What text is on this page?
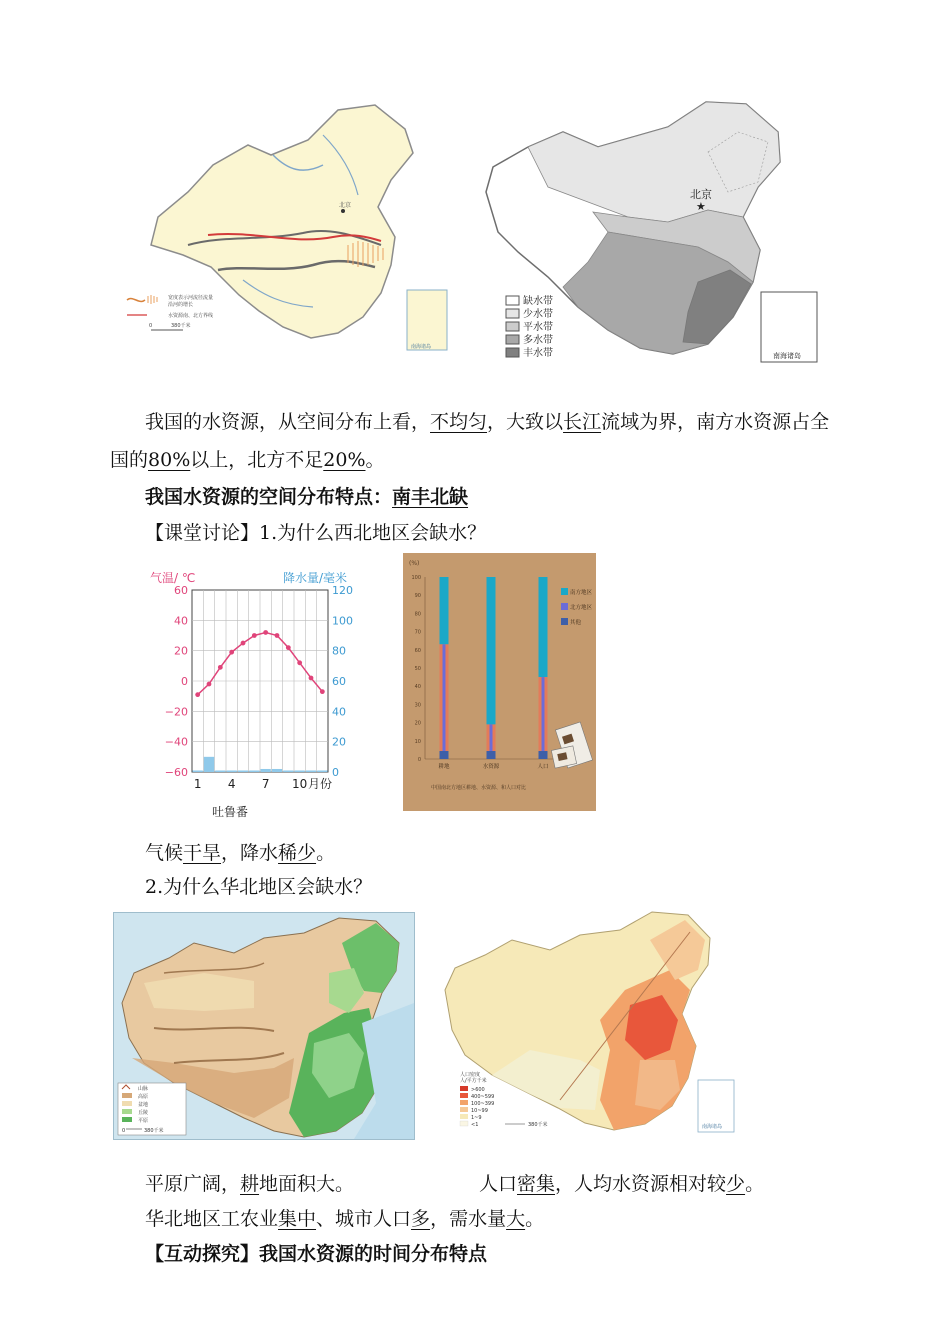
北京
宽度表示河流径流量
沿河的增长
水资源南、北方界线
0	380千米
南海诸岛
北京
★
缺水带
少水带
平水带
多水带
丰水带	南海诸岛
我国的水资源，从空间分布上看，不均匀，大致以长江流域为界，南方水资源占全
国的80%以上，北方不足20%。
我国水资源的空间分布特点：南丰北缺
【课堂讨论】1.为什么西北地区会缺水？
气温/ ℃	降水量/毫米
60
40
20
0
−20
−40
−60
120
100
80
60
40
20
0
1 4 7 10 月份
吐鲁番
(%)
100
90
80
70
60
50
40
30
20
10
0
耕地	水资源	人口
南方地区
北方地区
其他
中国南北方地区耕地、水资源、和人口对比
气候干旱，降水稀少。
2.为什么华北地区会缺水？
山脉
高原
盆地
丘陵
平原
0	380千米
人口密度
人/平方千米
>600
400~599
100~399
10~99
1~9
<1	380千米	南海诸岛
平原广阔，耕地面积大。	人口密集，人均水资源相对较少。
华北地区工农业集中、城市人口多，需水量大。
【互动探究】我国水资源的时间分布特点
